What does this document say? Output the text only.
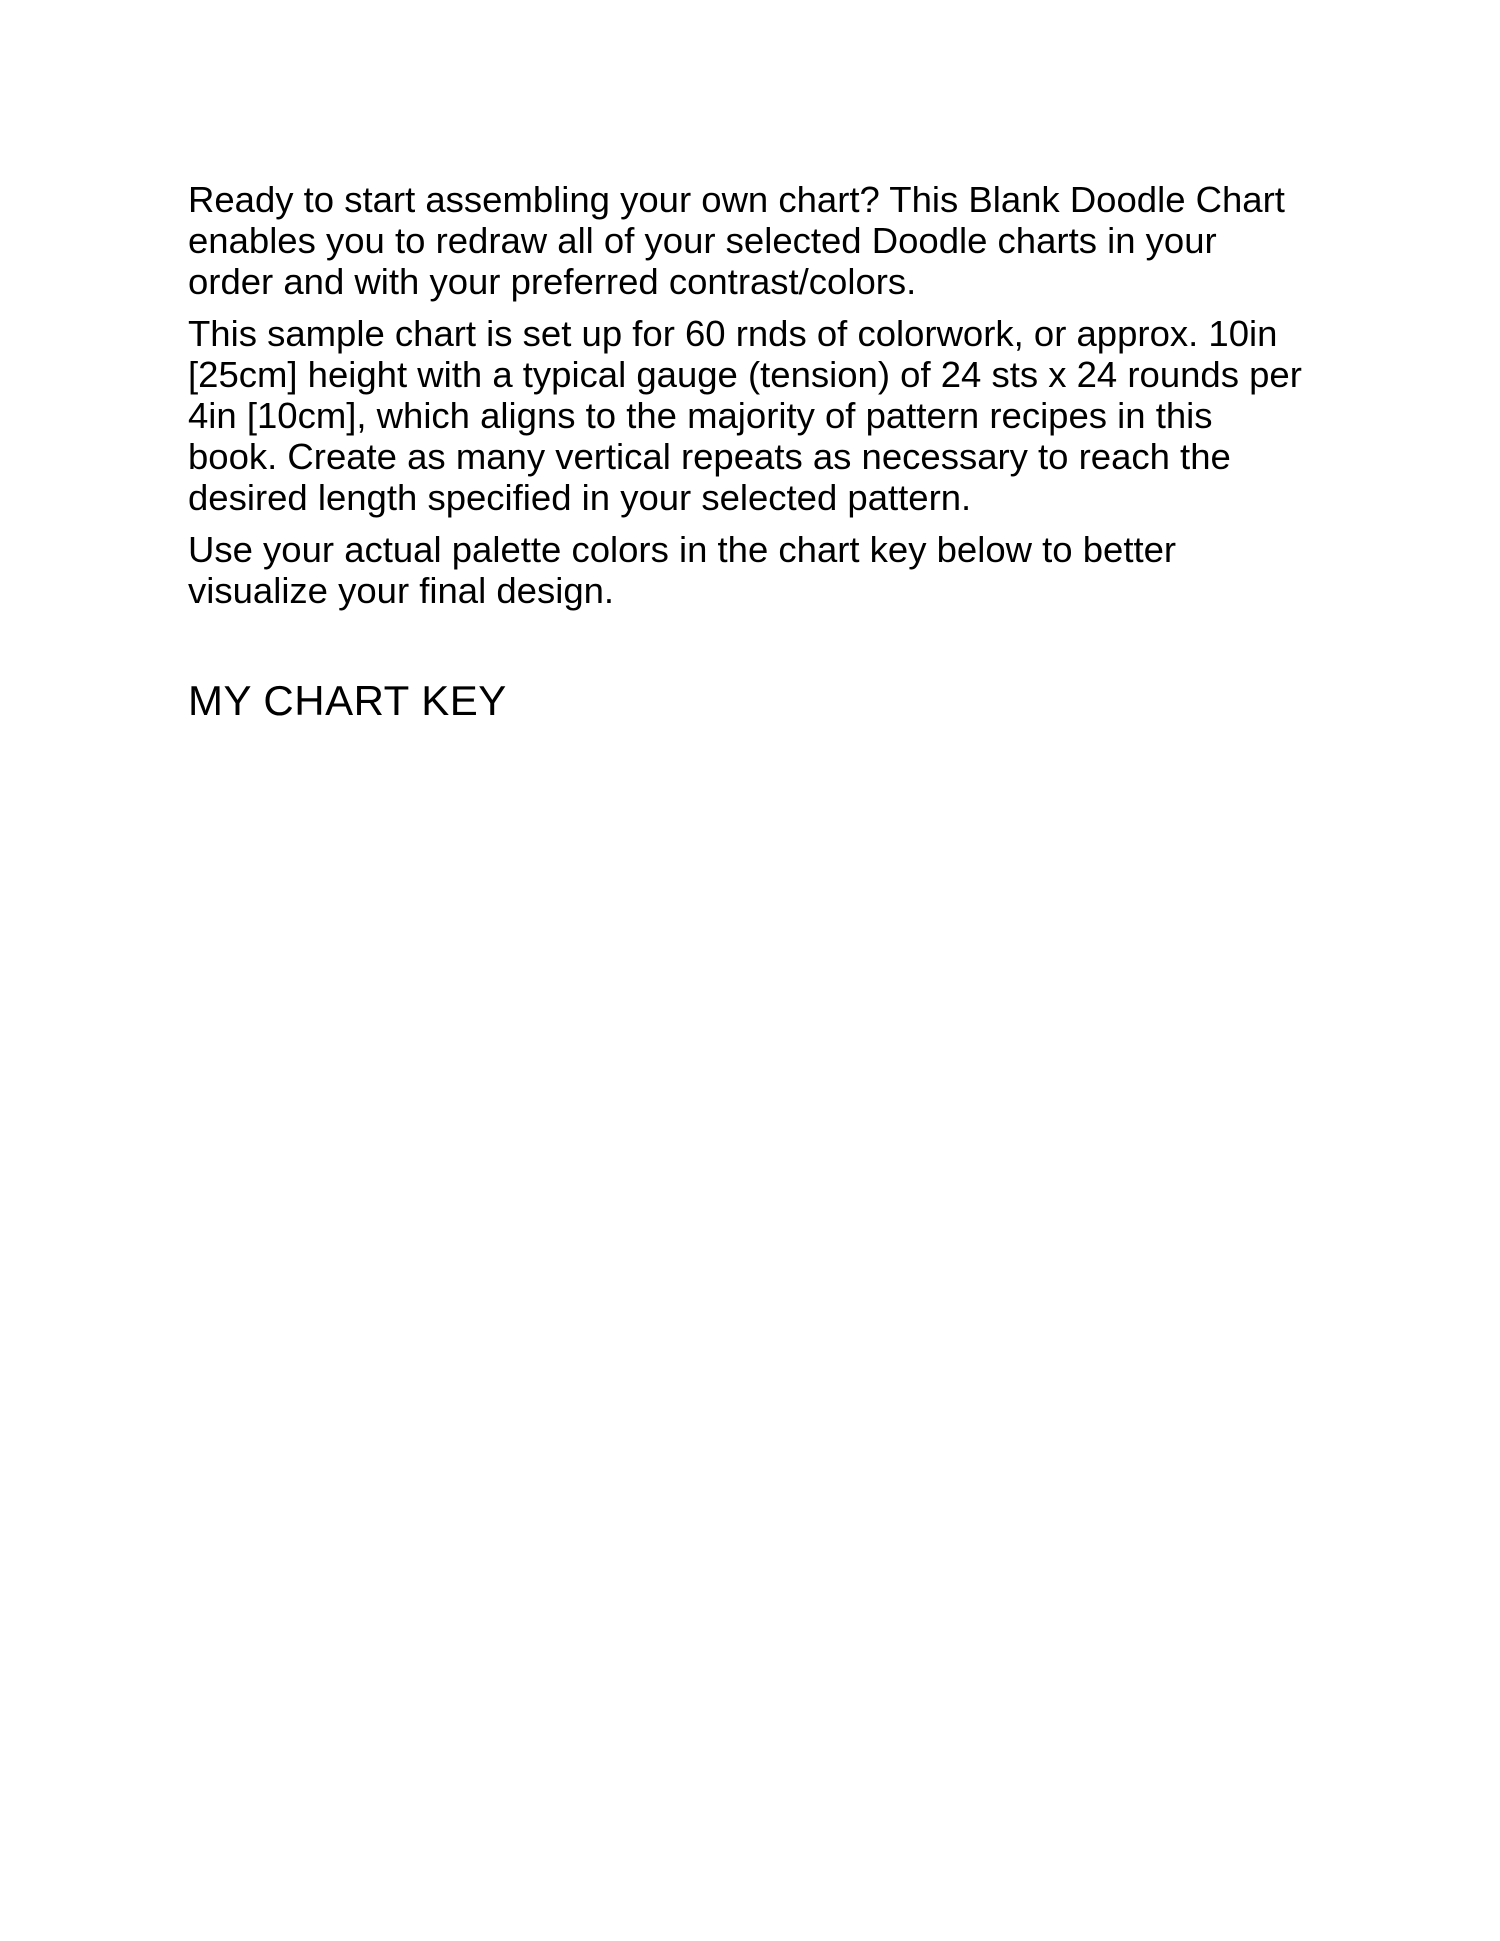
Ready to start assembling your own chart? This Blank Doodle Chart
enables you to redraw all of your selected Doodle charts in your
order and with your preferred contrast/colors.

This sample chart is set up for 60 rnds of colorwork, or approx. 10in
[25cm] height with a typical gauge (tension) of 24 sts x 24 rounds per
4in [10cm], which aligns to the majority of pattern recipes in this
book. Create as many vertical repeats as necessary to reach the
desired length specified in your selected pattern.

Use your actual palette colors in the chart key below to better
visualize your final design.

MY CHART KEY
